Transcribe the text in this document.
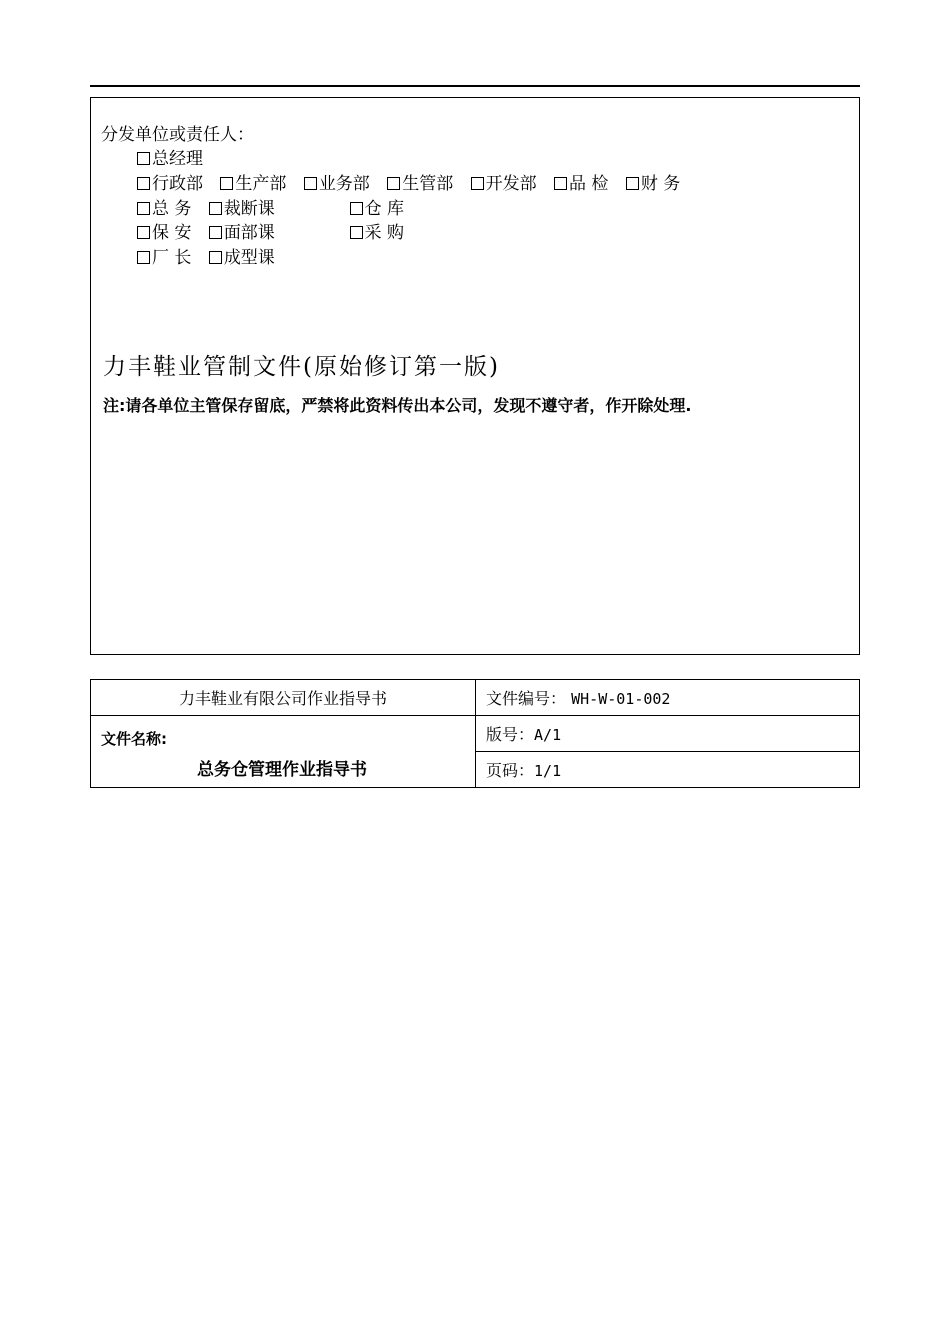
分发单位或责任人：
总经理
行政部 生产部 业务部 生管部 开发部 品 检 财 务
总 务 裁断课	仓 库
保 安 面部课	采 购
厂 长 成型课
力丰鞋业管制文件(原始修订第一版)
注:请各单位主管保存留底，严禁将此资料传出本公司，发现不遵守者，作开除处理.
力丰鞋业有限公司作业指导书	文件编号： WH-W-01-002

文件名称:
总务仓管理作业指导书	版号：A/1
	页码：1/1
